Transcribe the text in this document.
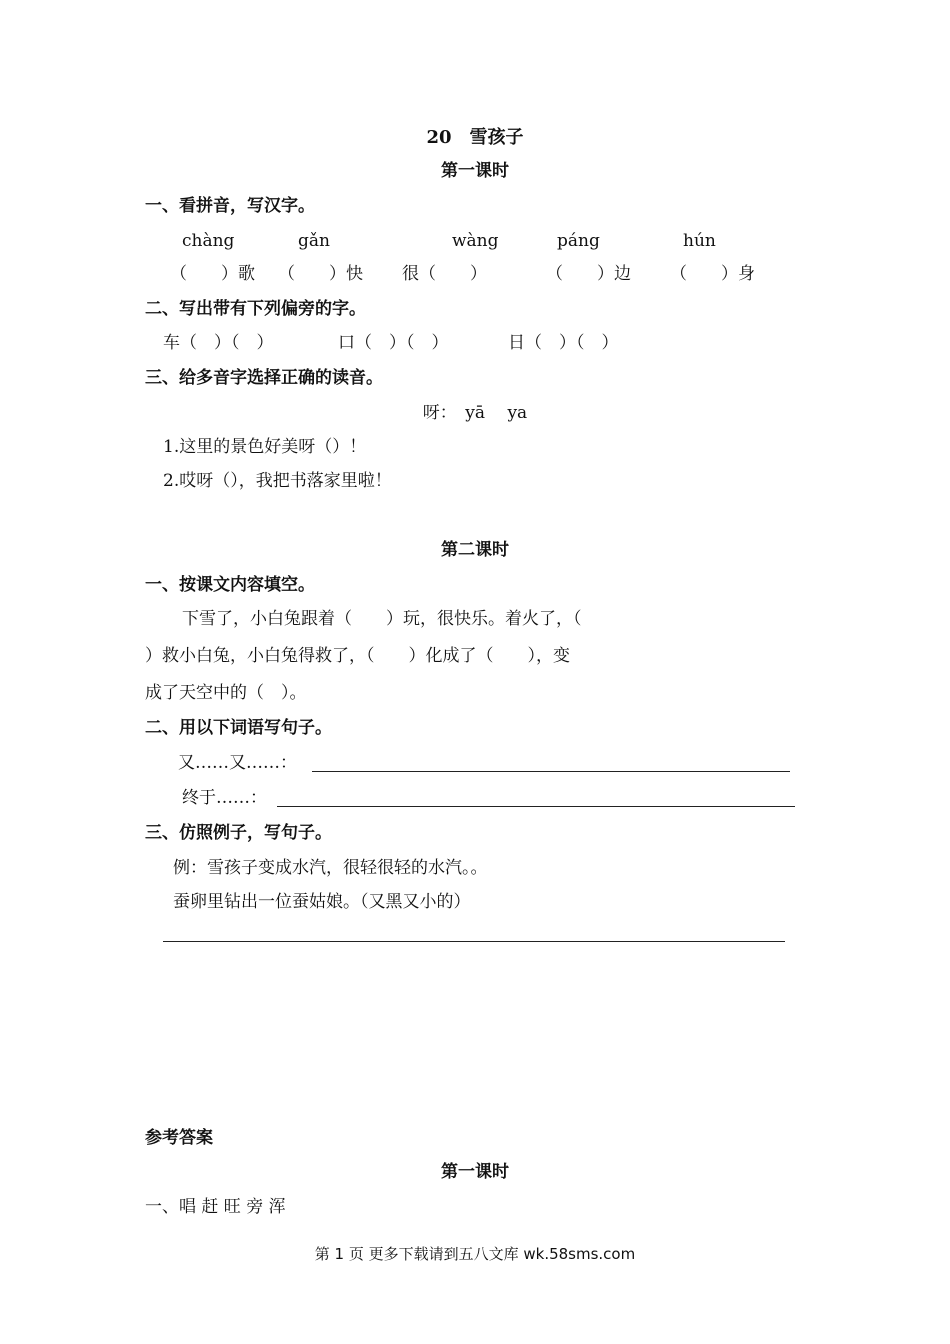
20　雪孩子
第一课时
一、看拼音，写汉字。
chàng	gǎn	wàng	páng	hún
（　　）歌 （　　）快 很（　　）	（　　）边 （　　）身
二、写出带有下列偏旁的字。
车（　）（　）	口（　）（　）	日（　）（　）
三、给多音字选择正确的读音。
呀：　yā　 ya
1.这里的景色好美呀（）！
2.哎呀（），我把书落家里啦！
第二课时
一、按课文内容填空。
下雪了，小白兔跟着（　　）玩，很快乐。着火了，（
）救小白兔，小白兔得救了，（　　）化成了（　　），变
成了天空中的（　）。
二、用以下词语写句子。
又……又……：
终于……：
三、仿照例子，写句子。
例：雪孩子变成水汽，很轻很轻的水汽。。
蚕卵里钻出一位蚕姑娘。（又黑又小的）
参考答案
第一课时
一、唱 赶 旺 旁 浑
第 1 页 更多下载请到五八文库 wk.58sms.com
